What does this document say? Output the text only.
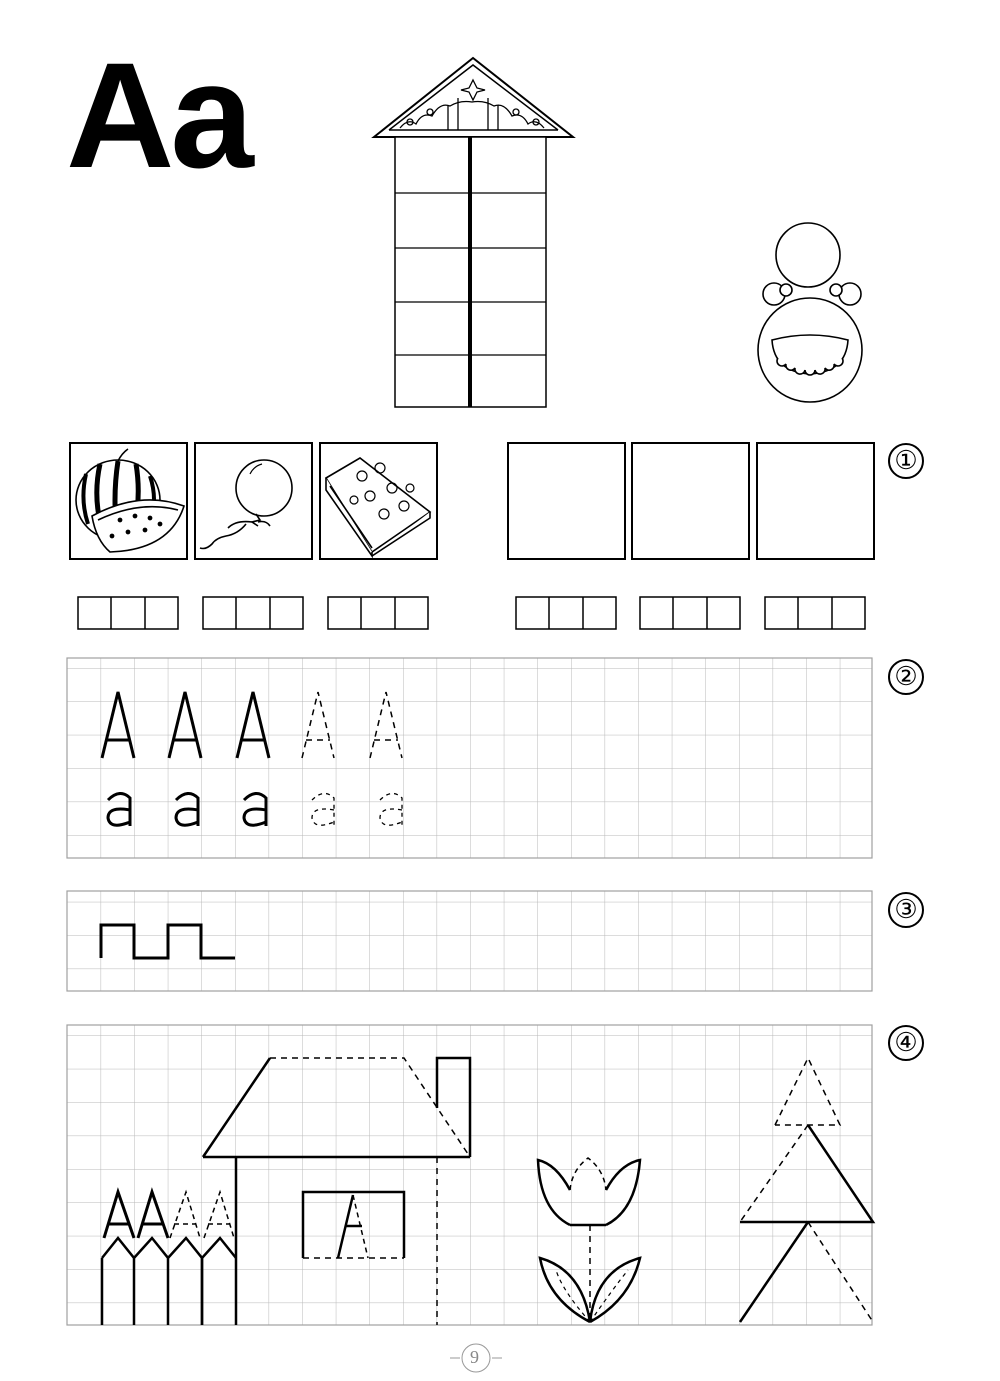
Aa
①
②
③
④
9
